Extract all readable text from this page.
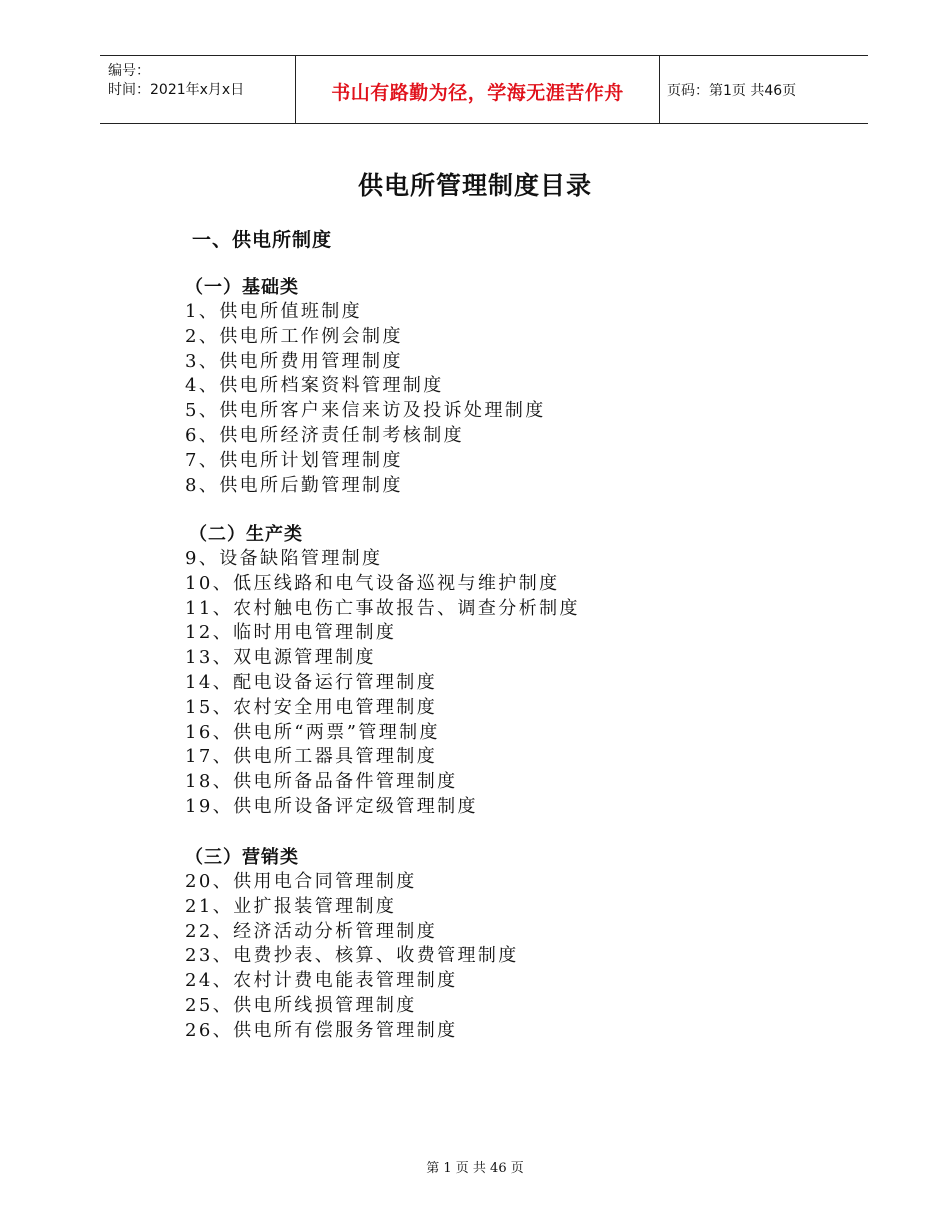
编号：
时间：2021年x月x日	书山有路勤为径，学海无涯苦作舟	页码：第1页 共46页
供电所管理制度目录
一、供电所制度
（一）基础类
1、供电所值班制度
2、供电所工作例会制度
3、供电所费用管理制度
4、供电所档案资料管理制度
5、供电所客户来信来访及投诉处理制度
6、供电所经济责任制考核制度
7、供电所计划管理制度
8、供电所后勤管理制度
（二）生产类
9、设备缺陷管理制度
10、低压线路和电气设备巡视与维护制度
11、农村触电伤亡事故报告、调查分析制度
12、临时用电管理制度
13、双电源管理制度
14、配电设备运行管理制度
15、农村安全用电管理制度
16、供电所“两票”管理制度
17、供电所工器具管理制度
18、供电所备品备件管理制度
19、供电所设备评定级管理制度
（三）营销类
20、供用电合同管理制度
21、业扩报装管理制度
22、经济活动分析管理制度
23、电费抄表、核算、收费管理制度
24、农村计费电能表管理制度
25、供电所线损管理制度
26、供电所有偿服务管理制度
第 1 页 共 46 页
